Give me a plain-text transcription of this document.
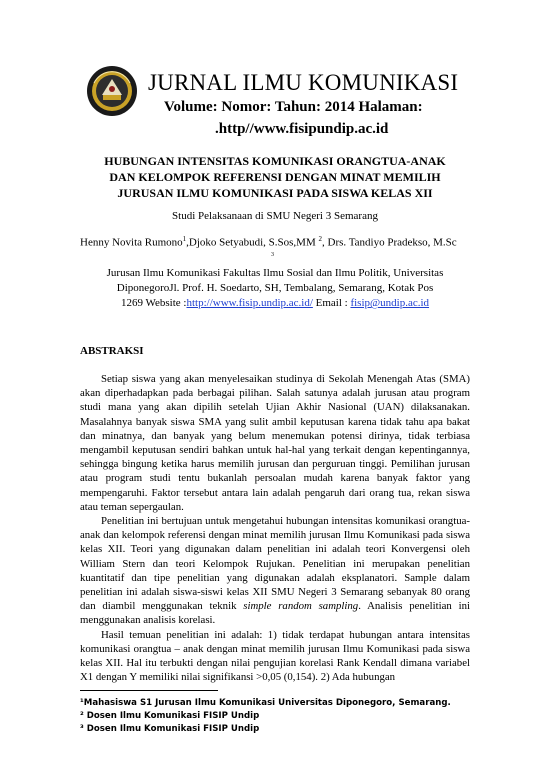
JURNAL ILMU KOMUNIKASI
Volume: Nomor: Tahun: 2014 Halaman:
.http//www.fisipundip.ac.id
HUBUNGAN INTENSITAS KOMUNIKASI ORANGTUA-ANAK
DAN KELOMPOK REFERENSI DENGAN MINAT MEMILIH
JURUSAN ILMU KOMUNIKASI PADA SISWA KELAS XII
Studi Pelaksanaan di SMU Negeri 3 Semarang
Henny Novita Rumono$^1$,Djoko Setyabudi, S.Sos,MM $^2$, Drs. Tandiyo Pradekso, M.Sc
3
Jurusan Ilmu Komunikasi Fakultas Ilmu Sosial dan Ilmu Politik, Universitas
DiponegoroJl. Prof. H. Soedarto, SH, Tembalang, Semarang, Kotak Pos
1269 Website :http://www.fisip.undip.ac.id/ Email : fisip@undip.ac.id
ABSTRAKSI

Setiap siswa yang akan menyelesaikan studinya di Sekolah Menengah Atas (SMA) akan diperhadapkan pada berbagai pilihan. Salah satunya adalah jurusan atau program studi mana yang akan dipilih setelah Ujian Akhir Nasional (UAN) dilaksanakan. Masalahnya banyak siswa SMA yang sulit ambil keputusan karena tidak tahu apa bakat dan minatnya, dan banyak yang belum menemukan potensi dirinya, tidak terbiasa mengambil keputusan sendiri bahkan untuk hal-hal yang terkait dengan kepentingannya, sehingga bingung ketika harus memilih jurusan dan perguruan tinggi. Pemilihan jurusan atau program studi tentu bukanlah persoalan mudah karena banyak faktor yang mempengaruhi. Faktor tersebut antara lain adalah pengaruh dari orang tua, rekan siswa atau teman sepergaulan.

Penelitian ini bertujuan untuk mengetahui hubungan intensitas komunikasi orangtua-anak dan kelompok referensi dengan minat memilih jurusan Ilmu Komunikasi pada siswa kelas XII. Teori yang digunakan dalam penelitian ini adalah teori Konvergensi oleh William Stern dan teori Kelompok Rujukan. Penelitian ini merupakan penelitian kuantitatif dan tipe penelitian yang digunakan adalah eksplanatori. Sample dalam penelitian ini adalah siswa-siswi kelas XII SMU Negeri 3 Semarang sebanyak 80 orang dan diambil menggunakan teknik simple random sampling. Analisis penelitian ini menggunakan analisis korelasi.

Hasil temuan penelitian ini adalah: 1) tidak terdapat hubungan antara intensitas komunikasi orangtua – anak dengan minat memilih jurusan Ilmu Komunikasi pada siswa kelas XII. Hal itu terbukti dengan nilai pengujian korelasi Rank Kendall dimana variabel X1 dengan Y memiliki nilai signifikansi >0,05 (0,154). 2) Ada hubungan

¹Mahasiswa S1 Jurusan Ilmu Komunikasi Universitas Diponegoro, Semarang.
² Dosen Ilmu Komunikasi FISIP Undip
³ Dosen Ilmu Komunikasi FISIP Undip
